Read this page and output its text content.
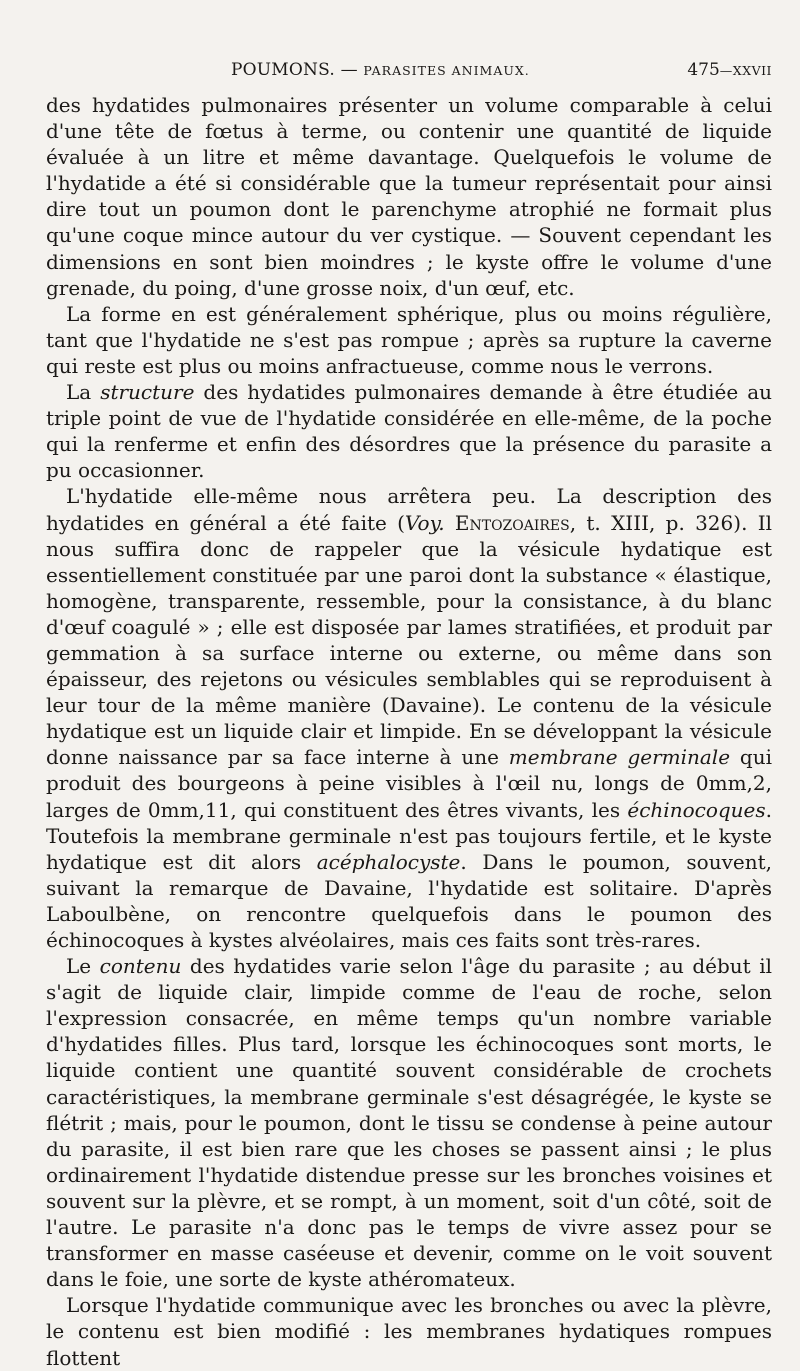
POUMONS. — PARASITES ANIMAUX.	475—XXVII

des hydatides pulmonaires présenter un volume comparable à celui d'une tête de fœtus à terme, ou contenir une quantité de liquide évaluée à un litre et même davantage. Quelquefois le volume de l'hydatide a été si considérable que la tumeur représentait pour ainsi dire tout un poumon dont le parenchyme atrophié ne formait plus qu'une coque mince autour du ver cystique. — Souvent cependant les dimensions en sont bien moindres ; le kyste offre le volume d'une grenade, du poing, d'une grosse noix, d'un œuf, etc.

La forme en est généralement sphérique, plus ou moins régulière, tant que l'hydatide ne s'est pas rompue ; après sa rupture la caverne qui reste est plus ou moins anfractueuse, comme nous le verrons.

La structure des hydatides pulmonaires demande à être étudiée au triple point de vue de l'hydatide considérée en elle-même, de la poche qui la renferme et enfin des désordres que la présence du parasite a pu occasionner.

L'hydatide elle-même nous arrêtera peu. La description des hydatides en général a été faite (Voy. Entozoaires, t. XIII, p. 326). Il nous suffira donc de rappeler que la vésicule hydatique est essentiellement constituée par une paroi dont la substance « élastique, homogène, transparente, ressemble, pour la consistance, à du blanc d'œuf coagulé » ; elle est disposée par lames stratifiées, et produit par gemmation à sa surface interne ou externe, ou même dans son épaisseur, des rejetons ou vésicules semblables qui se reproduisent à leur tour de la même manière (Davaine). Le contenu de la vésicule hydatique est un liquide clair et limpide. En se développant la vésicule donne naissance par sa face interne à une membrane germinale qui produit des bourgeons à peine visibles à l'œil nu, longs de 0mm,2, larges de 0mm,11, qui constituent des êtres vivants, les échinocoques. Toutefois la membrane germinale n'est pas toujours fertile, et le kyste hydatique est dit alors acéphalocyste. Dans le poumon, souvent, suivant la remarque de Davaine, l'hydatide est solitaire. D'après Laboulbène, on rencontre quelquefois dans le poumon des échinocoques à kystes alvéolaires, mais ces faits sont très-rares.

Le contenu des hydatides varie selon l'âge du parasite ; au début il s'agit de liquide clair, limpide comme de l'eau de roche, selon l'expression consacrée, en même temps qu'un nombre variable d'hydatides filles. Plus tard, lorsque les échinocoques sont morts, le liquide contient une quantité souvent considérable de crochets caractéristiques, la membrane germinale s'est désagrégée, le kyste se flétrit ; mais, pour le poumon, dont le tissu se condense à peine autour du parasite, il est bien rare que les choses se passent ainsi ; le plus ordinairement l'hydatide distendue presse sur les bronches voisines et souvent sur la plèvre, et se rompt, à un moment, soit d'un côté, soit de l'autre. Le parasite n'a donc pas le temps de vivre assez pour se transformer en masse caséeuse et devenir, comme on le voit souvent dans le foie, une sorte de kyste athéromateux.

Lorsque l'hydatide communique avec les bronches ou avec la plèvre, le contenu est bien modifié : les membranes hydatiques rompues flottent
